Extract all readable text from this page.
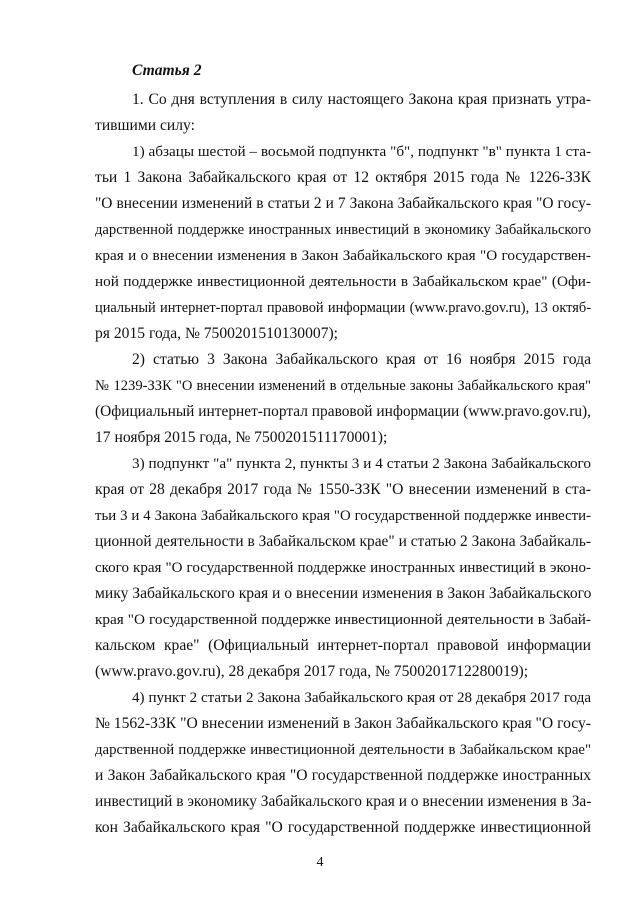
Статья 2
1. Со дня вступления в силу настоящего Закона края признать утра-
тившими силу:
1) абзацы шестой – восьмой подпункта "б", подпункт "в" пункта 1 ста-
тьи 1 Закона Забайкальского края от 12 октября 2015 года № 1226-ЗЗК
"О внесении изменений в статьи 2 и 7 Закона Забайкальского края "О госу-
дарственной поддержке иностранных инвестиций в экономику Забайкальского
края и о внесении изменения в Закон Забайкальского края "О государствен-
ной поддержке инвестиционной деятельности в Забайкальском крае" (Офи-
циальный интернет-портал правовой информации (www.pravo.gov.ru), 13 октяб-
ря 2015 года, № 7500201510130007);
2) статью 3 Закона Забайкальского края от 16 ноября 2015 года
№ 1239-ЗЗК "О внесении изменений в отдельные законы Забайкальского края"
(Официальный интернет-портал правовой информации (www.pravo.gov.ru),
17 ноября 2015 года, № 7500201511170001);
3) подпункт "а" пункта 2, пункты 3 и 4 статьи 2 Закона Забайкальского
края от 28 декабря 2017 года № 1550-ЗЗК "О внесении изменений в ста-
тьи 3 и 4 Закона Забайкальского края "О государственной поддержке инвести-
ционной деятельности в Забайкальском крае" и статью 2 Закона Забайкаль-
ского края "О государственной поддержке иностранных инвестиций в эконо-
мику Забайкальского края и о внесении изменения в Закон Забайкальского
края "О государственной поддержке инвестиционной деятельности в Забай-
кальском крае" (Официальный интернет-портал правовой информации
(www.pravo.gov.ru), 28 декабря 2017 года, № 7500201712280019);
4) пункт 2 статьи 2 Закона Забайкальского края от 28 декабря 2017 года
№ 1562-ЗЗК "О внесении изменений в Закон Забайкальского края "О госу-
дарственной поддержке инвестиционной деятельности в Забайкальском крае"
и Закон Забайкальского края "О государственной поддержке иностранных
инвестиций в экономику Забайкальского края и о внесении изменения в За-
кон Забайкальского края "О государственной поддержке инвестиционной
4
